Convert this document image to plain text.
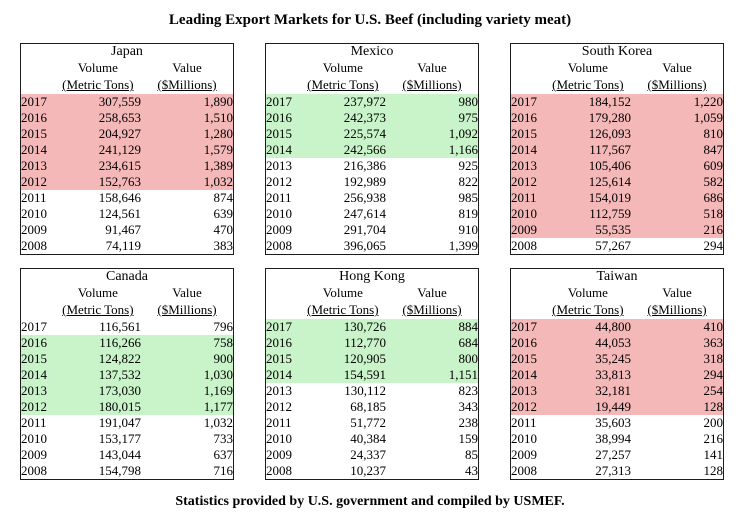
Leading Export Markets for U.S. Beef (including variety meat)
Japan		
	Volume	Value
	(Metric Tons)	($Millions)
2017	307,559	1,890
2016	258,653	1,510
2015	204,927	1,280
2014	241,129	1,579
2013	234,615	1,389
2012	152,763	1,032
2011	158,646	874
2010	124,561	639
2009	91,467	470
2008	74,119	383
Mexico		
	Volume	Value
	(Metric Tons)	($Millions)
2017	237,972	980
2016	242,373	975
2015	225,574	1,092
2014	242,566	1,166
2013	216,386	925
2012	192,989	822
2011	256,938	985
2010	247,614	819
2009	291,704	910
2008	396,065	1,399
South Korea		
	Volume	Value
	(Metric Tons)	($Millions)
2017	184,152	1,220
2016	179,280	1,059
2015	126,093	810
2014	117,567	847
2013	105,406	609
2012	125,614	582
2011	154,019	686
2010	112,759	518
2009	55,535	216
2008	57,267	294
Canada		
	Volume	Value
	(Metric Tons)	($Millions)
2017	116,561	796
2016	116,266	758
2015	124,822	900
2014	137,532	1,030
2013	173,030	1,169
2012	180,015	1,177
2011	191,047	1,032
2010	153,177	733
2009	143,044	637
2008	154,798	716
Hong Kong		
	Volume	Value
	(Metric Tons)	($Millions)
2017	130,726	884
2016	112,770	684
2015	120,905	800
2014	154,591	1,151
2013	130,112	823
2012	68,185	343
2011	51,772	238
2010	40,384	159
2009	24,337	85
2008	10,237	43
Taiwan		
	Volume	Value
	(Metric Tons)	($Millions)
2017	44,800	410
2016	44,053	363
2015	35,245	318
2014	33,813	294
2013	32,181	254
2012	19,449	128
2011	35,603	200
2010	38,994	216
2009	27,257	141
2008	27,313	128
Statistics provided by U.S. government and compiled by USMEF.
